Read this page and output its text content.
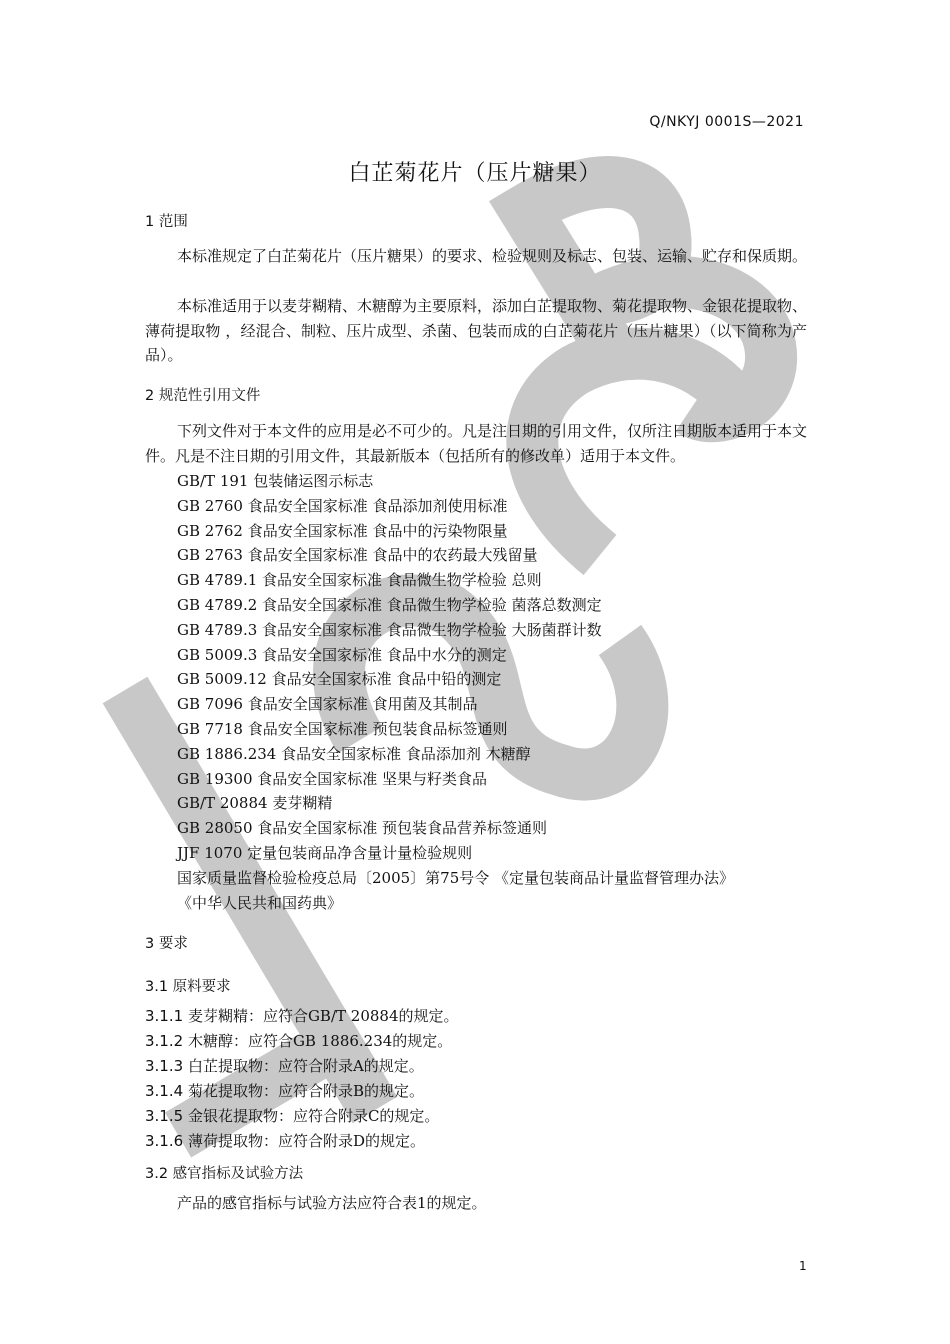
Q/NKYJ 0001S—2021
白芷菊花片（压片糖果）
1 范围
本标准规定了白芷菊花片（压片糖果）的要求、检验规则及标志、包装、运输、贮存和保质期。
本标准适用于以麦芽糊精、木糖醇为主要原料，添加白芷提取物、菊花提取物、金银花提取物、薄荷提取物 ，经混合、制粒、压片成型、杀菌、包装而成的白芷菊花片（压片糖果）（以下简称为产品）。
2 规范性引用文件
下列文件对于本文件的应用是必不可少的。凡是注日期的引用文件，仅所注日期版本适用于本文件。凡是不注日期的引用文件，其最新版本（包括所有的修改单）适用于本文件。
GB/T 191 包装储运图示标志
GB 2760 食品安全国家标准 食品添加剂使用标准
GB 2762 食品安全国家标准 食品中的污染物限量
GB 2763 食品安全国家标准 食品中的农药最大残留量
GB 4789.1 食品安全国家标准 食品微生物学检验 总则
GB 4789.2 食品安全国家标准 食品微生物学检验 菌落总数测定
GB 4789.3 食品安全国家标准 食品微生物学检验 大肠菌群计数
GB 5009.3 食品安全国家标准 食品中水分的测定
GB 5009.12 食品安全国家标准 食品中铅的测定
GB 7096 食品安全国家标准 食用菌及其制品
GB 7718 食品安全国家标准 预包装食品标签通则
GB 1886.234 食品安全国家标准 食品添加剂 木糖醇
GB 19300 食品安全国家标准 坚果与籽类食品
GB/T 20884 麦芽糊精
GB 28050 食品安全国家标准 预包装食品营养标签通则
JJF 1070 定量包装商品净含量计量检验规则
国家质量监督检验检疫总局〔2005〕第75号令 《定量包装商品计量监督管理办法》
《中华人民共和国药典》
3 要求
3.1 原料要求
3.1.1 麦芽糊精：应符合GB/T 20884的规定。
3.1.2 木糖醇：应符合GB 1886.234的规定。
3.1.3 白芷提取物：应符合附录A的规定。
3.1.4 菊花提取物：应符合附录B的规定。
3.1.5 金银花提取物：应符合附录C的规定。
3.1.6 薄荷提取物：应符合附录D的规定。
3.2 感官指标及试验方法
产品的感官指标与试验方法应符合表1的规定。
1
